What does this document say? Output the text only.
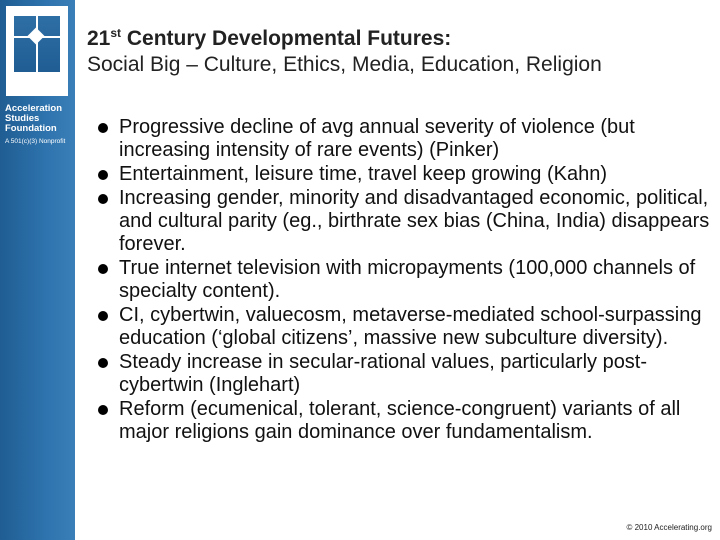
Acceleration Studies Foundation
A 501(c)(3) Nonprofit
21st Century Developmental Futures:
Social Big – Culture, Ethics, Media, Education, Religion
Progressive decline of avg annual severity of violence (but increasing intensity of rare events) (Pinker)
Entertainment, leisure time, travel keep growing (Kahn)
Increasing gender, minority and disadvantaged economic, political, and cultural parity (eg., birthrate sex bias (China, India) disappears forever.
True internet television with micropayments (100,000 channels of specialty content).
CI, cybertwin, valuecosm, metaverse-mediated school-surpassing education (‘global citizens’, massive new subculture diversity).
Steady increase in secular-rational values, particularly post-cybertwin (Inglehart)
Reform (ecumenical, tolerant, science-congruent) variants of all major religions gain dominance over fundamentalism.
© 2010 Accelerating.org
